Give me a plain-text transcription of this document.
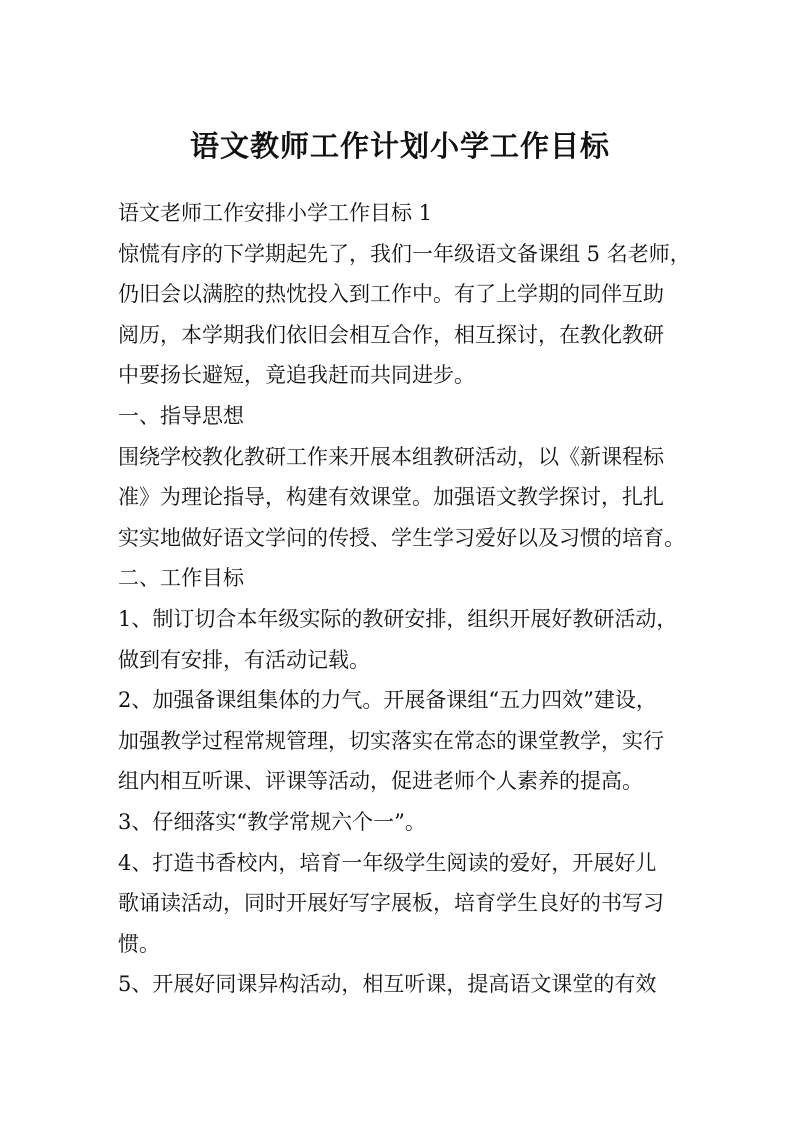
语文教师工作计划小学工作目标
语文老师工作安排小学工作目标 1
惊慌有序的下学期起先了，我们一年级语文备课组 5 名老师，
仍旧会以满腔的热忱投入到工作中。有了上学期的同伴互助
阅历，本学期我们依旧会相互合作，相互探讨，在教化教研
中要扬长避短，竟追我赶而共同进步。
一、指导思想
围绕学校教化教研工作来开展本组教研活动，以《新课程标
准》为理论指导，构建有效课堂。加强语文教学探讨，扎扎
实实地做好语文学问的传授、学生学习爱好以及习惯的培育。
二、工作目标
1、制订切合本年级实际的教研安排，组织开展好教研活动，
做到有安排，有活动记载。
2、加强备课组集体的力气。开展备课组“五力四效”建设，
加强教学过程常规管理，切实落实在常态的课堂教学，实行
组内相互听课、评课等活动，促进老师个人素养的提高。
3、仔细落实“教学常规六个一”。
4、打造书香校内，培育一年级学生阅读的爱好，开展好儿
歌诵读活动，同时开展好写字展板，培育学生良好的书写习
惯。
5、开展好同课异构活动，相互听课，提高语文课堂的有效
